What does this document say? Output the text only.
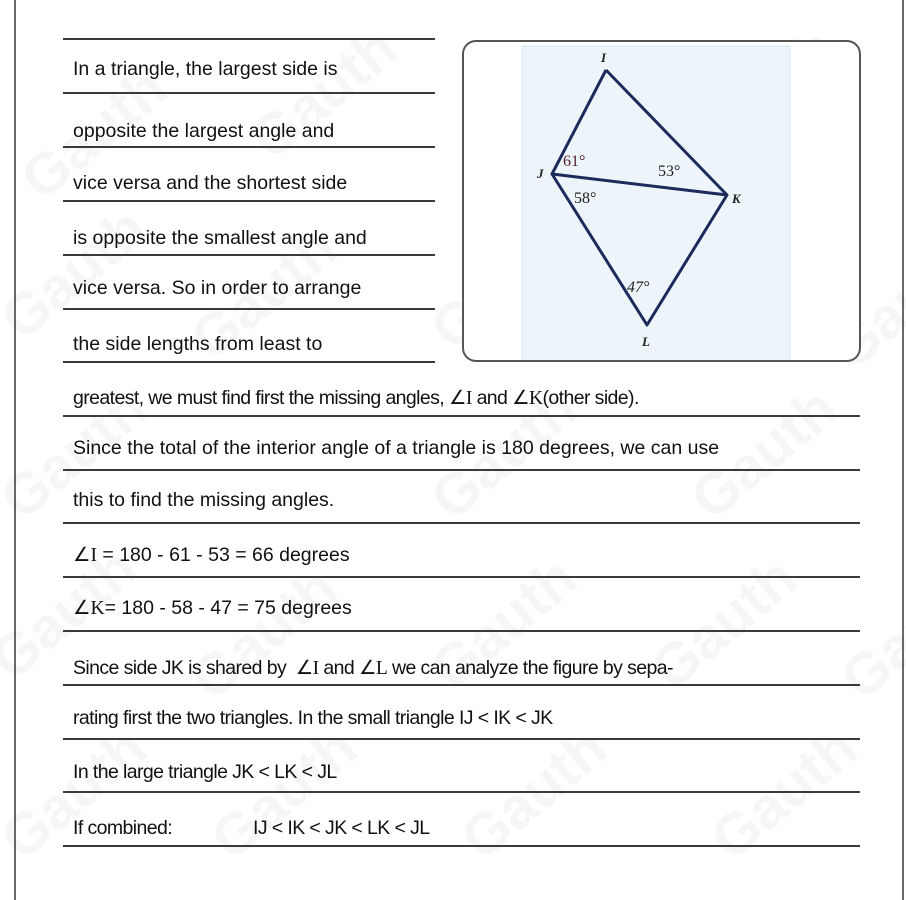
In a triangle, the largest side is
opposite the largest angle and
vice versa and the shortest side
is opposite the smallest angle and
vice versa. So in order to arrange
the side lengths from least to
greatest, we must find first the missing angles, ∠I and ∠K(other side).
Since the total of the interior angle of a triangle is 180 degrees, we can use
this to find the missing angles.
∠I = 180 - 61 - 53 = 66 degrees
∠K= 180 - 58 - 47 = 75 degrees
Since side JK is shared by ∠I and ∠L we can analyze the figure by sepa-
rating first the two triangles. In the small triangle IJ < IK < JK
In the large triangle JK < LK < JL
If combined:	IJ < IK < JK < LK < JL
I
J
K
L
61°
53°
58°
47°
